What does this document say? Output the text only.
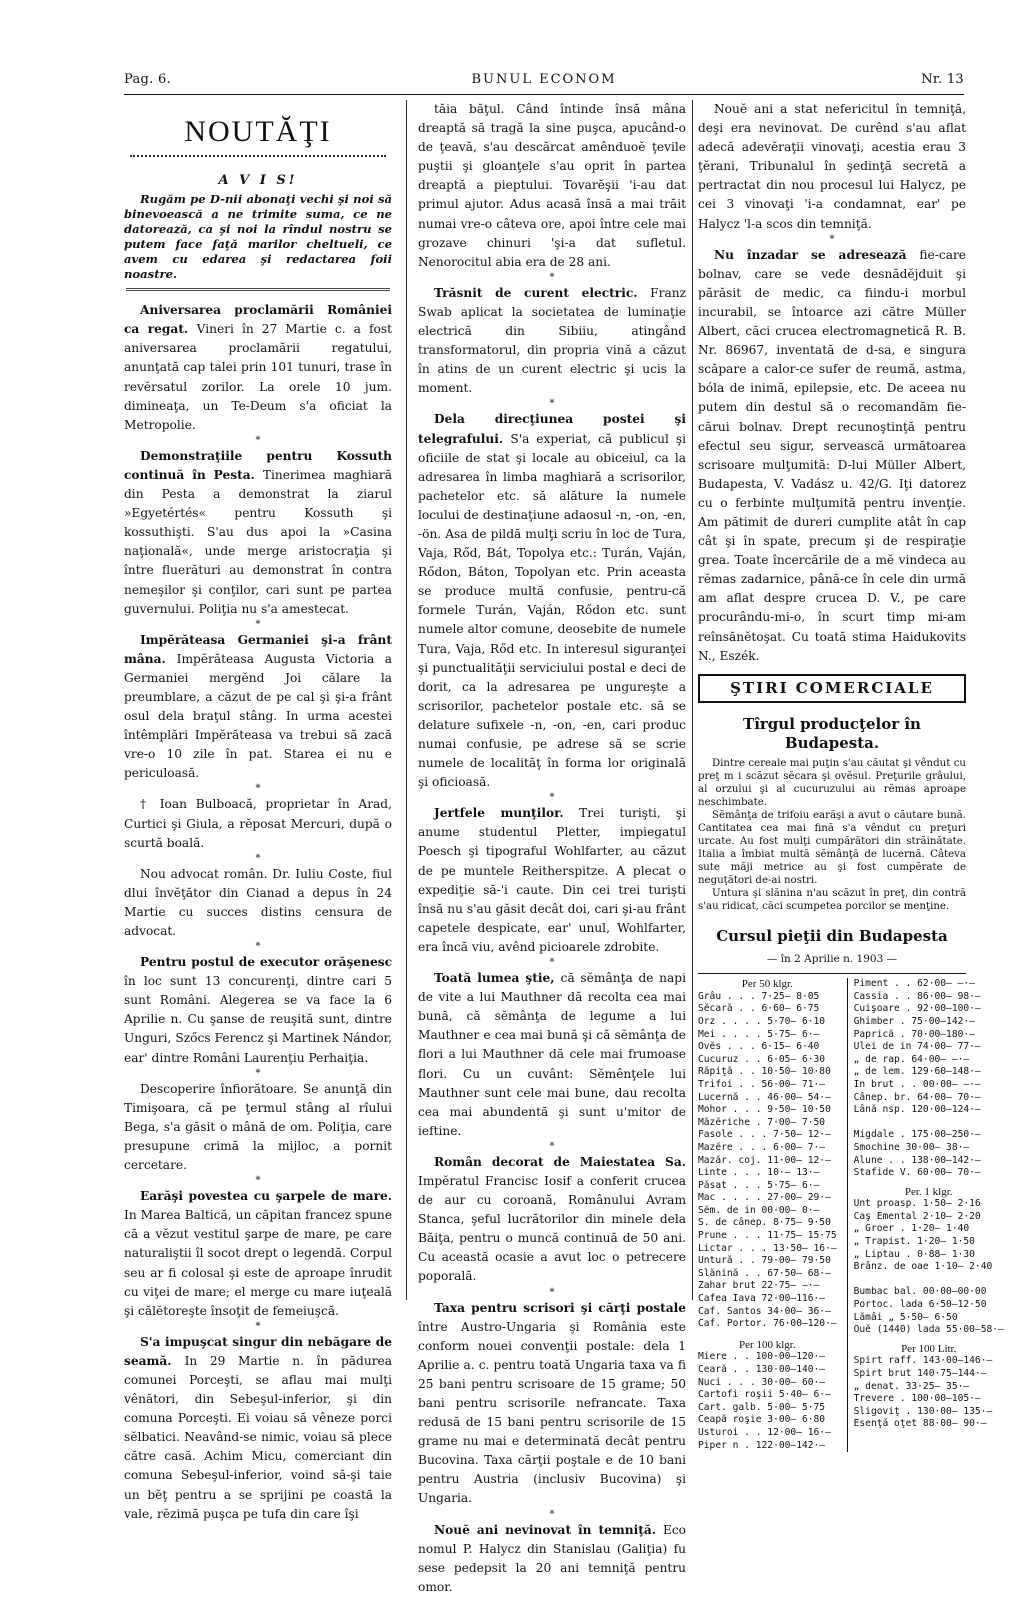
Pag. 6.	BUNUL ECONOM	Nr. 13
NOUTĂŢI
A V I S!

Rugăm pe D-nii abonaţi vechi şi noi să binevoească a ne trimite suma, ce ne datorează, ca şi noi la rîndul nostru se putem face faţă marilor cheltueli, ce avem cu edarea şi redactarea foii noastre.

Aniversarea proclamării României ca regat. Vineri în 27 Martie c. a fost aniversarea proclamării regatului, anunţată cap talei prin 101 tunuri, trase în revĕrsatul zorilor. La orele 10 jum. dimineaţa, un Te-Deum s'a oficiat la Metropolie.

*

Demonstraţiile pentru Kossuth continuă în Pesta. Tinerimea maghiară din Pesta a demonstrat la ziarul »Egyetértés« pentru Kossuth şi kossuthişti. S'au dus apoi la »Casina naţională«, unde merge aristocraţia şi între fluerături au demonstrat în contra nemeşilor şi conţilor, cari sunt pe partea guvernului. Poliţia nu s'a amestecat.

*

Impĕrăteasa Germaniei şi-a frânt mâna. Impĕrăteasa Augusta Victoria a Germaniei mergĕnd Joi călare la preumblare, a căzut de pe cal şi şi-a frânt osul dela braţul stâng. In urma acestei întêmplări Impĕrăteasa va trebui să zacă vre-o 10 zile în pat. Starea ei nu e periculoasă.

*

† Ioan Bulboacă, proprietar în Arad, Curtici şi Giula, a rĕposat Mercuri, după o scurtă boală.

*

Nou advocat român. Dr. Iuliu Coste, fiul dlui învĕţător din Cianad a depus în 24 Martie cu succes distins censura de advocat.

*

Pentru postul de executor orăşenesc în loc sunt 13 concurenţi, dintre cari 5 sunt Români. Alegerea se va face la 6 Aprilie n. Cu şanse de reuşită sunt, dintre Unguri, Szőcs Ferencz şi Martinek Nándor, ear' dintre Români Laurenţiu Perhaiţia.

*

Descoperire înfiorătoare. Se anunţă din Timişoara, că pe ţermul stâng al rîului Bega, s'a găsit o mână de om. Poliţia, care presupune crimă la mijloc, a pornit cercetare.

*

Earăşi povestea cu şarpele de mare. In Marea Baltică, un căpitan francez spune că a vĕzut vestitul şarpe de mare, pe care naturaliştii îl socot drept o legendă. Corpul seu ar fi colosal şi este de aproape înrudit cu viţei de mare; el merge cu mare iuţeală şi călĕtoreşte însoţit de femeiuşcă.

*

S'a impuşcat singur din nebăgare de seamă. In 29 Martie n. în pădurea comunei Porceşti, se aflau mai mulţi vênători, din Sebeşul-inferior, şi din comuna Porceşti. Ei voiau să vêneze porci sĕlbatici. Neavând-se nimic, voiau să plece către casă. Achim Micu, comerciant din comuna Sebeşul-inferior, voind să-şi taie un bĕţ pentru a se sprijini pe coastă la vale, rĕzimă puşca pe tufa din care îşi

tăia băţul. Când întinde însă mâna dreaptă să tragă la sine puşca, apucând-o de ţeavă, s'au descărcat amênduoĕ ţevile puştii şi gloanţele s'au oprit în partea dreaptă a pieptului. Tovarĕşii 'i-au dat primul ajutor. Adus acasă însă a mai trăit numai vre-o câteva ore, apoi între cele mai grozave chinuri 'şi-a dat sufletul. Nenorocitul abia era de 28 ani.

*

Trăsnit de curent electric. Franz Swab aplicat la societatea de luminaţie electrică din Sibiiu, atingând transformatorul, din propria vină a căzut în atins de un curent electric şi ucis la moment.

*

Dela direcţiunea postei şi telegrafului. S'a experiat, că publicul şi oficiile de stat şi locale au obiceiul, ca la adresarea în limba maghiară a scrisorilor, pachetelor etc. să alăture la numele locului de destinaţiune adaosul -n, -on, -en, -ön. Asa de pildă mulţi scriu în loc de Tura, Vaja, Rőd, Bát, Topolya etc.: Turán, Vaján, Rődon, Báton, Topolyan etc. Prin aceasta se produce multă confusie, pentru-că formele Turán, Vaján, Rődon etc. sunt numele altor comune, deosebite de numele Tura, Vaja, Rőd etc. In interesul siguranţei şi punctualităţii serviciului postal e deci de dorit, ca la adresarea pe ungureşte a scrisorilor, pachetelor postale etc. să se delature sufixele -n, -on, -en, cari produc numai confusie, pe adrese să se scrie numele de localităţ în forma lor originală şi oficioasă.

*

Jertfele munţilor. Trei turişti, şi anume studentul Pletter, impiegatul Poesch şi tipograful Wohlfarter, au căzut de pe muntele Reitherspitze. A plecat o expediţie să-'i caute. Din cei trei turişti însă nu s'au găsit decât doi, cari şi-au frânt capetele despicate, ear' unul, Wohlfarter, era încă viu, avênd picioarele zdrobite.

*

Toată lumea ştie, că sĕmânţa de napi de vite a lui Mauthner dă recolta cea mai bună, că sĕmânţa de legume a lui Mauthner e cea mai bună şi că sĕmânţa de flori a lui Mauthner dă cele mai frumoase flori. Cu un cuvânt: Sĕmênţele lui Mauthner sunt cele mai bune, dau recolta cea mai abundentă şi sunt u'mitor de ieftine.

*

Român decorat de Maiestatea Sa. Impĕratul Francisc Iosif a conferit crucea de aur cu coroană, Românului Avram Stanca, şeful lucrătorilor din minele dela Băiţa, pentru o muncă continuă de 50 ani. Cu această ocasie a avut loc o petrecere poporală.

*

Taxa pentru scrisori şi cărţi postale între Austro-Ungaria şi România este conform nouei convenţii postale: dela 1 Aprilie a. c. pentru toată Ungaria taxa va fi 25 bani pentru scrisoare de 15 grame; 50 bani pentru scrisorile nefrancate. Taxa redusă de 15 bani pentru scrisorile de 15 grame nu mai e determinată decât pentru Bucovina. Taxa cărţii poştale e de 10 bani pentru Austria (inclusiv Bucovina) şi Ungaria.

*

Nouĕ ani nevinovat în temniţă. Eco nomul P. Halycz din Stanislau (Galiţia) fu sese pedepsit la 20 ani temniţă pentru omor.

Nouĕ ani a stat nefericitul în temniţă, deşi era nevinovat. De curênd s'au aflat adecă adevĕraţii vinovaţi, acestia erau 3 ţĕrani, Tribunalul în şedinţă secretă a pertractat din nou procesul lui Halycz, pe cei 3 vinovaţi 'i-a condamnat, ear' pe Halycz 'l-a scos din temniţă.

*

Nu înzadar se adresează fie-care bolnav, care se vede desnădĕjduit şi părăsit de medic, ca fiindu-i morbul incurabil, se întoarce azi către Müller Albert, căci crucea electromagnetică R. B. Nr. 86967, inventată de d-sa, e singura scăpare a calor-ce sufer de reumă, astma, bóla de inimă, epilepsie, etc. De aceea nu putem din destul să o recomandăm fie-cărui bolnav. Drept recunoştinţă pentru efectul seu sigur, servească următoarea scrisoare mulţumită: D-lui Müller Albert, Budapesta, V. Vadász u. 42/G. Iţi datorez cu o ferbinte mulţumită pentru invenţie. Am pătimit de dureri cumplite atât în cap cât şi în spate, precum şi de respiraţie grea. Toate încercările de a mĕ vindeca au rĕmas zadarnice, până-ce în cele din urmă am aflat despre crucea D. V., pe care procurându-mi-o, în scurt timp mi-am reînsănĕtoşat. Cu toată stima Haidukovits N., Eszék.

ŞTIRI COMERCIALE
Tîrgul producţelor în Budapesta.

Dintre cereale mai puţin s'au căutat şi vêndut cu preţ m i scăzut sĕcara şi ovĕsul. Preţurile grâului, al orzului şi al cucuruzului au rĕmas aproape neschimbate.

Sĕmânţa de trifoiu earăşi a avut o căutare bună. Cantitatea cea mai fină s'a vêndut cu preţuri urcate. Au fost mulţi cumpărători din străinătate. Italia a îmbiat multă sĕmânţă de lucernă. Câteva sute măji metrice au şi fost cumpĕrate de neguţători de-ai nostri.

Untura şi slănina n'au scăzut în preţ, din contră s'au ridicat, căci scumpetea porcilor se menţine.

Cursul pieţii din Budapesta
— în 2 Aprilie n. 1903 —
Per 50 klgr.
Grâu . . . 7·25— 8·05
Sĕcară . . 6·60— 6·75
Orz . . . . 5·70— 6·10
Mei . . . . 5·75— 6·—
Ovĕs . . . 6·15— 6·40
Cucuruz . . 6·05— 6·30
Răpiţă . . 10·50— 10·80
Trifoi . . 56·00— 71·—
Lucernă . . 46·00— 54·—
Mohor . . . 9·50— 10·50
Măzĕriche . 7·00— 7·50
Fasole . . . 7·50— 12·—
Mazĕre . . . 6·00— 7·—
Mazăr. coj. 11·00— 12·—
Linte . . . 10·— 13·—
Păsat . . . 5·75— 6·—
Mac . . . . 27·00— 29·—
Sĕm. de in 00·00— 0·—
S. de cânep. 8·75— 9·50
Prune . . . 11·75— 15·75
Lictar . . . 13·50— 16·—
Untură . . 79·00— 79·50
Slănină . . 67·50— 68·—
Zahar brut 22·75— —·—
Cafea Iava 72·00—116·—
Caf. Santos 34·00— 36·—
Caf. Portor. 76·00—120·—
Per 100 klgr.
Miere . . 100·00—120·—
Ceară . . 130·00—140·—
Nuci . . . 30·00— 60·—
Cartofi roşii 5·40— 6·—
Cart. galb. 5·00— 5·75
Ceapă roşie 3·00— 6·80
Usturoi . . 12·00— 16·—
Piper n . 122·00—142·—
Piment . . 62·00— —·—
Cassia . . 86·00— 98·—
Cuişoare . 92·00—100·—
Ghimber . 75·00—142·—
Paprică . 70·00—180·—
Ulei de in 74·00— 77·—
„ de rap. 64·00— —·—
„ de lem. 129·60—148·—
In brut . . 00·00— —·—
Cânep. br. 64·00— 70·—
Lână nsp. 120·00—124·—

Migdale . 175·00—250·—
Smochine 30·00— 38·—
Alune . . 138·00—142·—
Stafide V. 60·00— 70·—
Per. 1 klgr.
Unt proasp. 1·50— 2·16
Caş Emental 2·10— 2·20
„ Groer . 1·20— 1·40
„ Trapist. 1·20— 1·50
„ Liptau . 0·88— 1·30
Brânz. de oae 1·10— 2·40

Bumbac bal. 00·00—00·00
Portoc. lada 6·50—12·50
Lămâi „ 5·50— 6·50
Ouĕ (1440) lada 55·00—58·—
Per 100 Litr.
Spirt raff. 143·00—146·—
Spirt brut 140·75—144·—
„ denat. 33·25— 35·—
Trevere . 100·00—105·—
Sligoviţ . 130·00— 135·—
Esenţă oţet 88·00— 90·—
